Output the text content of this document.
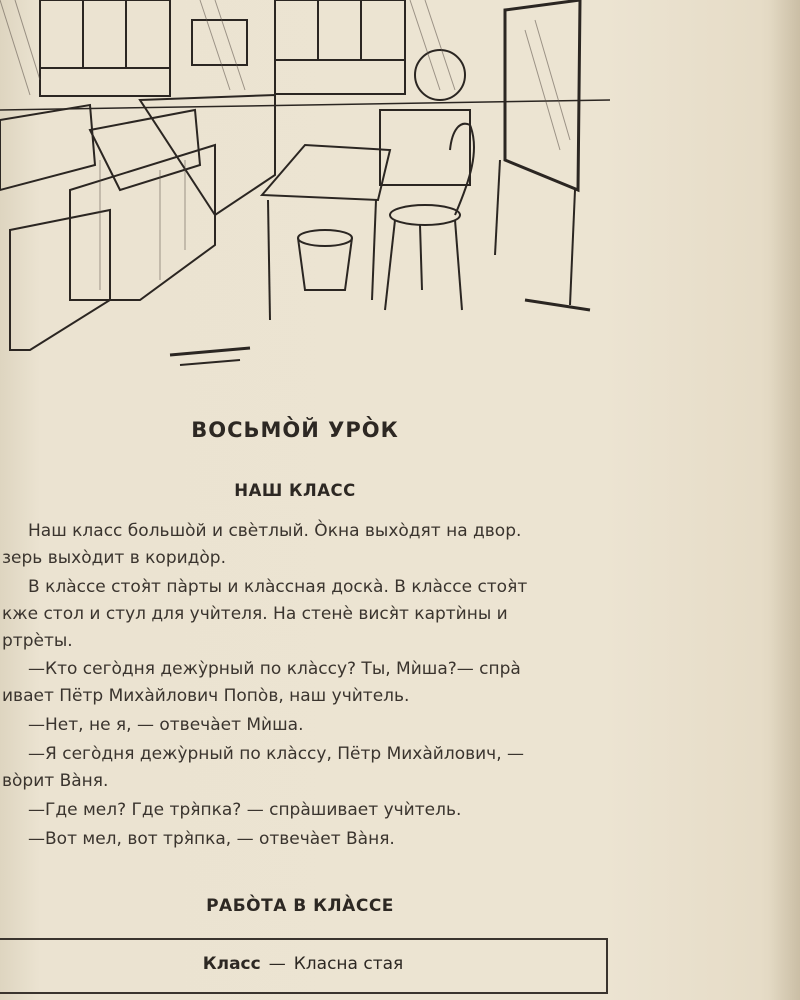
ВОСЬМО̀Й УРО̀К
НАШ КЛАСС
Наш класс большо̀й и свѐтлый. О̀кна выхо̀дят на двор.
зерь выхо̀дит в коридо̀р.
В кла̀ссе стоя̀т па̀рты и кла̀ссная доска̀. В кла̀ссе стоя̀т
кже стол и стул для учѝтеля. На стенѐ вися̀т картѝны и
ртрѐты.
—Кто сего̀дня дежу̀рный по кла̀ссу? Ты, Мѝша?— спра̀
ивает Пётр Миха̀йлович Попо̀в, наш учѝтель.
—Нет, не я, — отвеча̀ет Мѝша.
—Я сего̀дня дежу̀рный по кла̀ссу, Пётр Миха̀йлович, —
во̀рит Ва̀ня.
—Где мел? Где тря̀пка? — спра̀шивает учѝтель.
—Вот мел, вот тря̀пка, — отвеча̀ет Ва̀ня.
РАБО̀ТА В КЛА̀ССЕ
Класс — Класна стая
